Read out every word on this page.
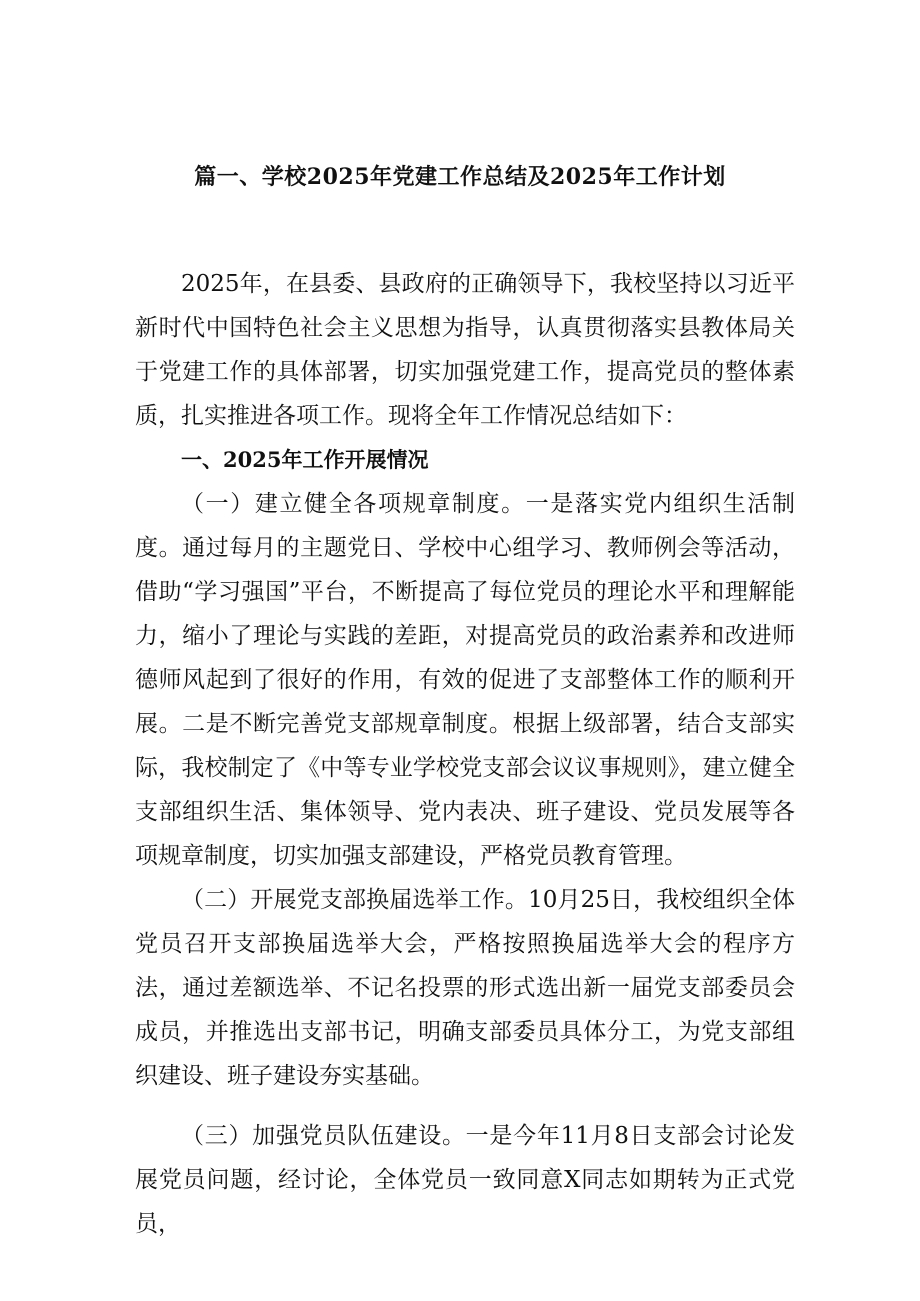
篇一、学校2025年党建工作总结及2025年工作计划

2025年，在县委、县政府的正确领导下，我校坚持以习近平新时代中国特色社会主义思想为指导，认真贯彻落实县教体局关于党建工作的具体部署，切实加强党建工作，提高党员的整体素质，扎实推进各项工作。现将全年工作情况总结如下：

一、2025年工作开展情况

（一）建立健全各项规章制度。一是落实党内组织生活制度。通过每月的主题党日、学校中心组学习、教师例会等活动，借助“学习强国”平台，不断提高了每位党员的理论水平和理解能力，缩小了理论与实践的差距，对提高党员的政治素养和改进师德师风起到了很好的作用，有效的促进了支部整体工作的顺利开展。二是不断完善党支部规章制度。根据上级部署，结合支部实际，我校制定了《中等专业学校党支部会议议事规则》，建立健全支部组织生活、集体领导、党内表决、班子建设、党员发展等各项规章制度，切实加强支部建设，严格党员教育管理。

（二）开展党支部换届选举工作。10月25日，我校组织全体党员召开支部换届选举大会，严格按照换届选举大会的程序方法，通过差额选举、不记名投票的形式选出新一届党支部委员会成员，并推选出支部书记，明确支部委员具体分工，为党支部组织建设、班子建设夯实基础。

（三）加强党员队伍建设。一是今年11月8日支部会讨论发展党员问题，经讨论，全体党员一致同意X同志如期转为正式党员，
